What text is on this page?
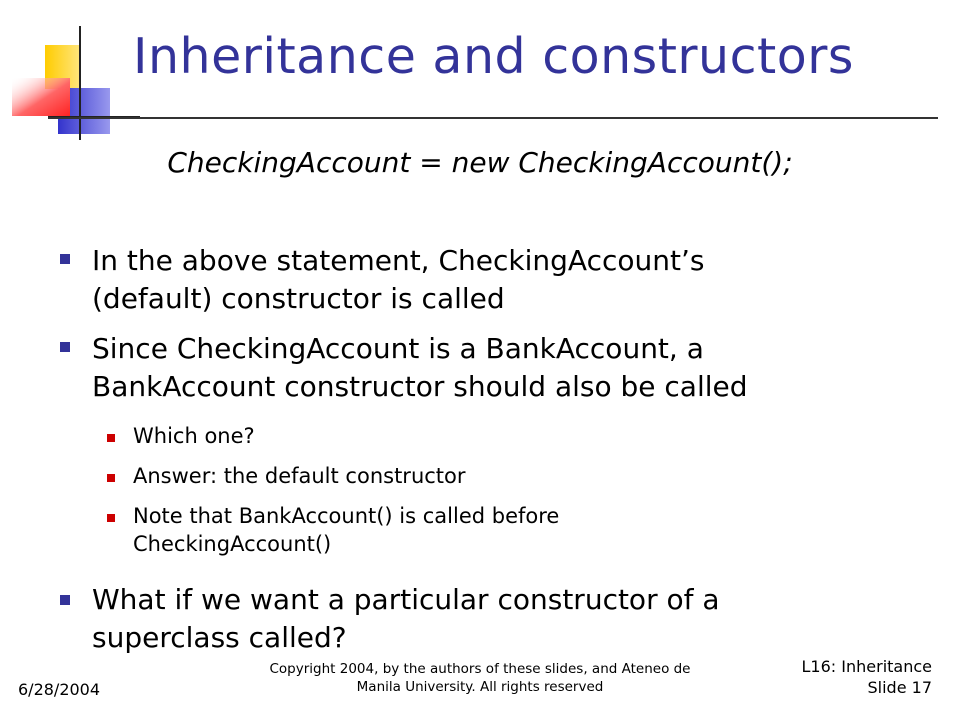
Inheritance and constructors
CheckingAccount = new CheckingAccount();
In the above statement, CheckingAccount’s
(default) constructor is called
Since CheckingAccount is a BankAccount, a
BankAccount constructor should also be called
Which one?
Answer: the default constructor
Note that BankAccount() is called before
CheckingAccount()
What if we want a particular constructor of a
superclass called?
6/28/2004
Copyright 2004, by the authors of these slides, and Ateneo de
Manila University. All rights reserved
L16: Inheritance
Slide 17
